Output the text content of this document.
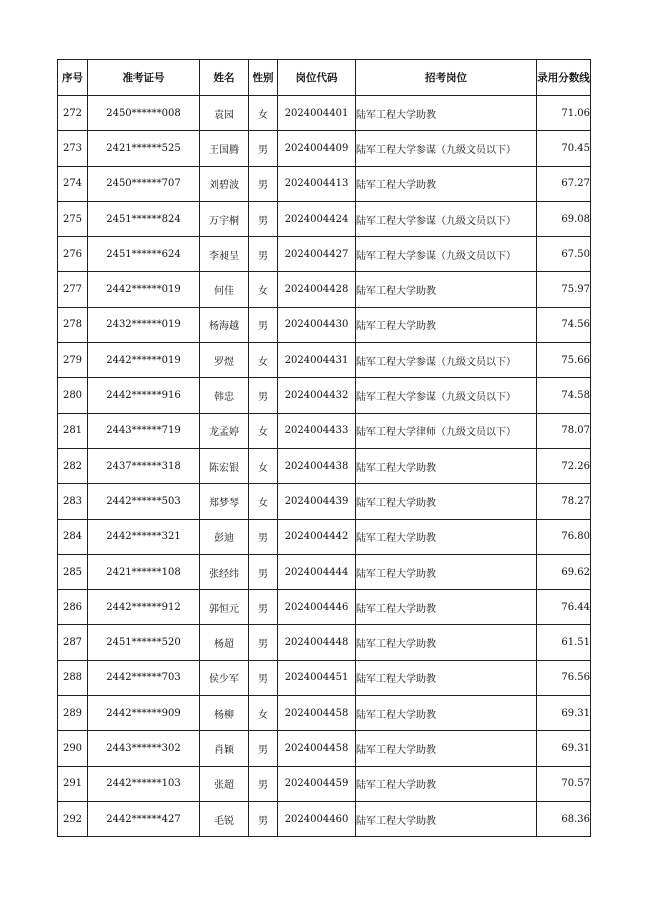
序号	准考证号	姓名	性别	岗位代码	招考岗位	录用分数线
272	2450******008	袁园	女	2024004401	陆军工程大学助教	71.06
273	2421******525	王国腾	男	2024004409	陆军工程大学参谋（九级文员以下）	70.45
274	2450******707	刘碧波	男	2024004413	陆军工程大学助教	67.27
275	2451******824	万宇桐	男	2024004424	陆军工程大学参谋（九级文员以下）	69.08
276	2451******624	李昶呈	男	2024004427	陆军工程大学参谋（九级文员以下）	67.50
277	2442******019	何佳	女	2024004428	陆军工程大学助教	75.97
278	2432******019	杨海越	男	2024004430	陆军工程大学助教	74.56
279	2442******019	罗煜	女	2024004431	陆军工程大学参谋（九级文员以下）	75.66
280	2442******916	韩忠	男	2024004432	陆军工程大学参谋（九级文员以下）	74.58
281	2443******719	龙孟婷	女	2024004433	陆军工程大学律师（九级文员以下）	78.07
282	2437******318	陈宏银	女	2024004438	陆军工程大学助教	72.26
283	2442******503	郑梦琴	女	2024004439	陆军工程大学助教	78.27
284	2442******321	彭迪	男	2024004442	陆军工程大学助教	76.80
285	2421******108	张经纬	男	2024004444	陆军工程大学助教	69.62
286	2442******912	郭恒元	男	2024004446	陆军工程大学助教	76.44
287	2451******520	杨超	男	2024004448	陆军工程大学助教	61.51
288	2442******703	侯少军	男	2024004451	陆军工程大学助教	76.56
289	2442******909	杨柳	女	2024004458	陆军工程大学助教	69.31
290	2443******302	肖颖	男	2024004458	陆军工程大学助教	69.31
291	2442******103	张超	男	2024004459	陆军工程大学助教	70.57
292	2442******427	毛锐	男	2024004460	陆军工程大学助教	68.36
